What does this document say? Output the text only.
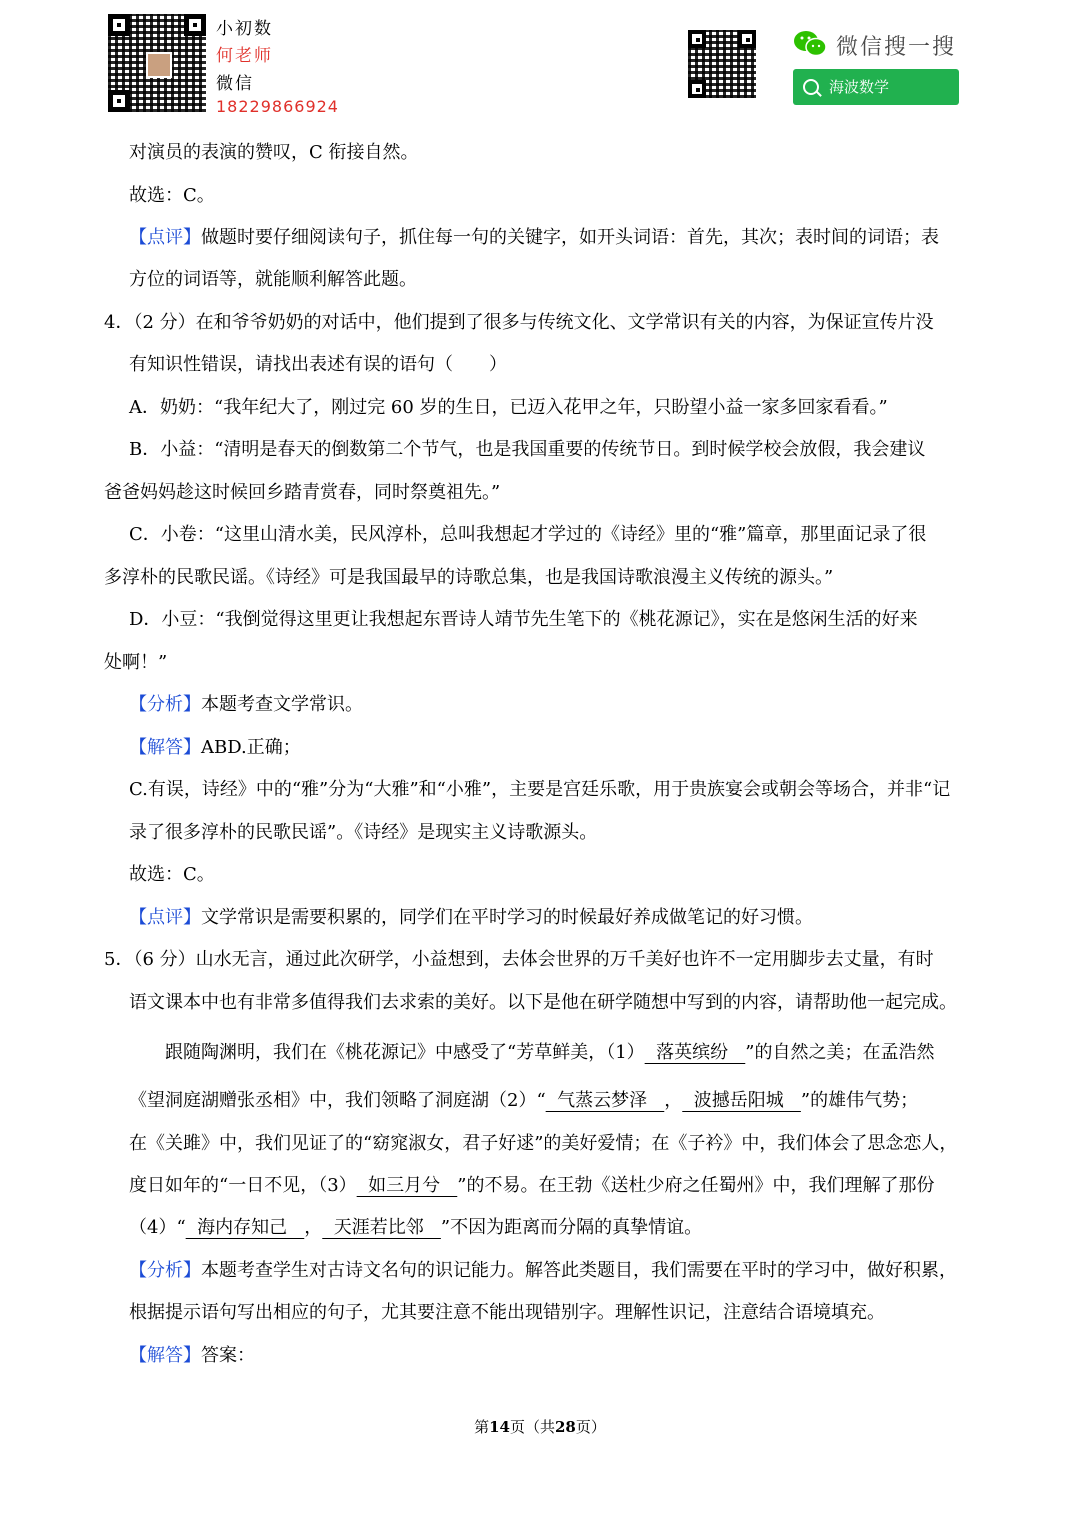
小初数
何老师
微信
18229866924
微信搜一搜
海波数学
对演员的表演的赞叹，C 衔接自然。
故选：C。
【点评】做题时要仔细阅读句子，抓住每一句的关键字，如开头词语：首先，其次；表时间的词语；表
方位的词语等，就能顺利解答此题。
4．（2 分）在和爷爷奶奶的对话中，他们提到了很多与传统文化、文学常识有关的内容，为保证宣传片没
有知识性错误，请找出表述有误的语句（　　）
A．奶奶：“我年纪大了，刚过完 60 岁的生日，已迈入花甲之年，只盼望小益一家多回家看看。”
B．小益：“清明是春天的倒数第二个节气，也是我国重要的传统节日。到时候学校会放假，我会建议
爸爸妈妈趁这时候回乡踏青赏春，同时祭奠祖先。”
C．小卷：“这里山清水美，民风淳朴，总叫我想起才学过的《诗经》里的“雅”篇章，那里面记录了很
多淳朴的民歌民谣。《诗经》可是我国最早的诗歌总集，也是我国诗歌浪漫主义传统的源头。”
D．小豆：“我倒觉得这里更让我想起东晋诗人靖节先生笔下的《桃花源记》，实在是悠闲生活的好来
处啊！”
【分析】本题考查文学常识。
【解答】ABD.正确；
C.有误，诗经》中的“雅”分为“大雅”和“小雅”，主要是宫廷乐歌，用于贵族宴会或朝会等场合，并非“记
录了很多淳朴的民歌民谣”。《诗经》是现实主义诗歌源头。
故选：C。
【点评】文学常识是需要积累的，同学们在平时学习的时候最好养成做笔记的好习惯。
5．（6 分）山水无言，通过此次研学，小益想到，去体会世界的万千美好也许不一定用脚步去丈量，有时
语文课本中也有非常多值得我们去求索的美好。以下是他在研学随想中写到的内容，请帮助他一起完成。
跟随陶渊明，我们在《桃花源记》中感受了“芳草鲜美，（1）  落英缤纷   ”的自然之美；在孟浩然
《望洞庭湖赠张丞相》中，我们领略了洞庭湖（2）“  气蒸云梦泽   ，  波撼岳阳城   ”的雄伟气势；
在《关雎》中，我们见证了的“窈窕淑女，君子好逑”的美好爱情；在《子衿》中，我们体会了思念恋人，
度日如年的“一日不见，（3）  如三月兮   ”的不易。在王勃《送杜少府之任蜀州》中，我们理解了那份
（4）“  海内存知己   ，  天涯若比邻   ”不因为距离而分隔的真挚情谊。
【分析】本题考查学生对古诗文名句的识记能力。解答此类题目，我们需要在平时的学习中，做好积累，
根据提示语句写出相应的句子，尤其要注意不能出现错别字。理解性识记，注意结合语境填充。
【解答】答案：
第14页（共28页）
